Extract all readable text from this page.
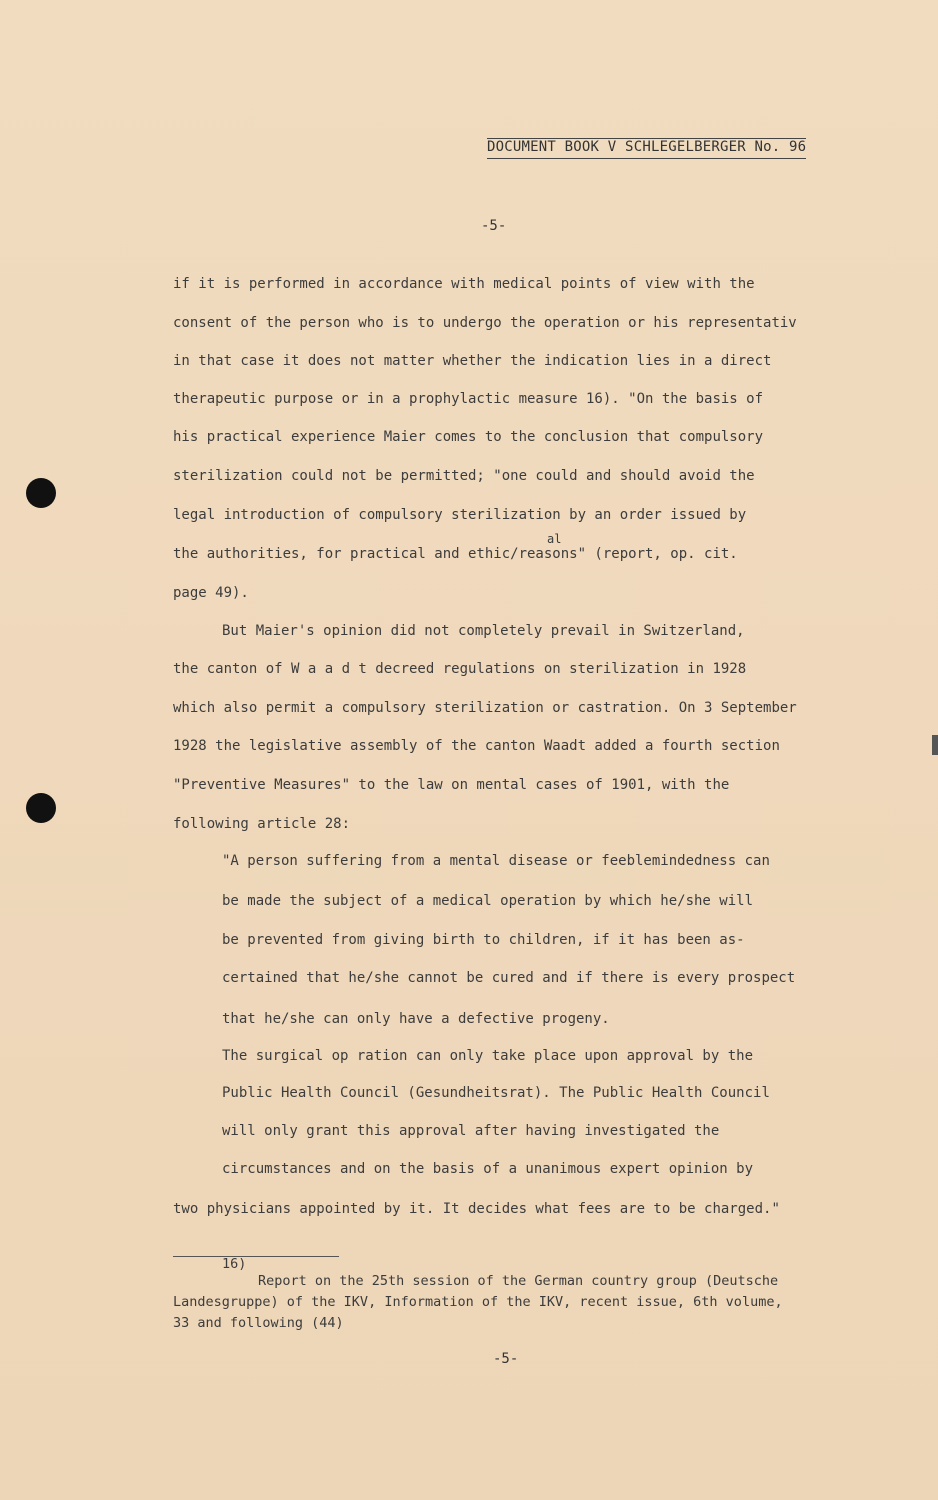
DOCUMENT BOOK V SCHLEGELBERGER No. 96
-5-
if it is performed in accordance with medical points of view with the
consent of the person who is to undergo the operation or his representativ
in that case it does not matter whether the indication lies in a direct
therapeutic purpose or in a prophylactic measure 16). "On the basis of
his practical experience Maier comes to the conclusion that compulsory
sterilization could not be permitted; "one could and should avoid the
legal introduction of compulsory sterilization by an order issued by
al
the authorities, for practical and ethic/reasons" (report, op. cit.
page 49).
But Maier's opinion did not completely prevail in Switzerland,
the canton of W a a d t decreed regulations on sterilization in 1928
which also permit a compulsory sterilization or castration. On 3 September
1928 the legislative assembly of the canton Waadt added a fourth section
"Preventive Measures" to the law on mental cases of 1901, with the
following article 28:
"A person suffering from a mental disease or feeblemindedness can
be made the subject of a medical operation by which he/she will
be prevented from giving birth to children, if it has been as-
certained that he/she cannot be cured and if there is every prospect
that he/she can only have a defective progeny.
The surgical op ration can only take place upon approval by the
Public Health Council (Gesundheitsrat). The Public Health Council
will only grant this approval after having investigated the
circumstances and on the basis of a unanimous expert opinion by
two physicians appointed by it. It decides what fees are to be charged."
16)
Report on the 25th session of the German country group (Deutsche
Landesgruppe) of the IKV, Information of the IKV, recent issue, 6th volume,
33 and following (44)
-5-
